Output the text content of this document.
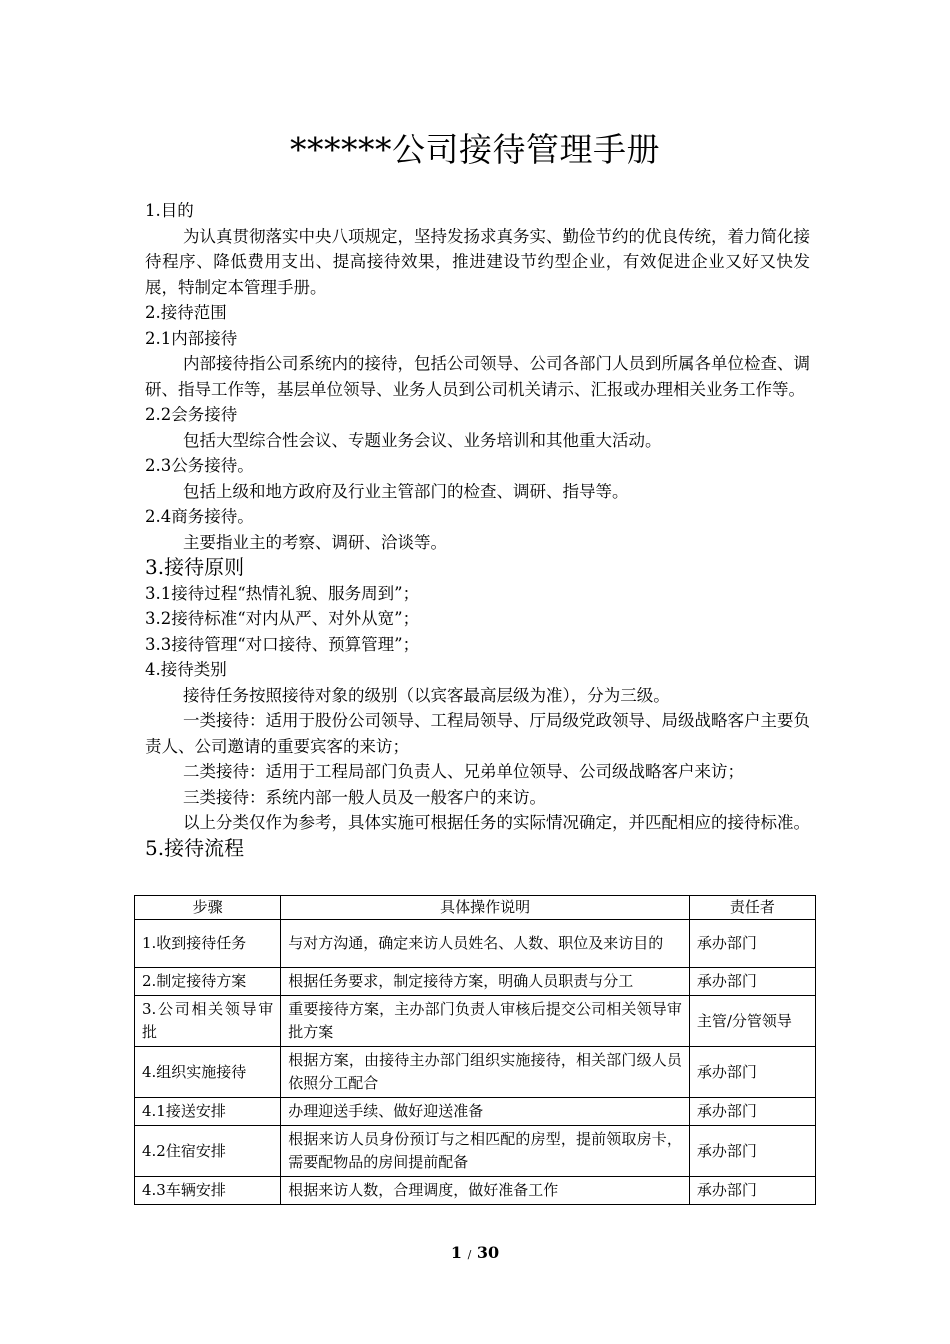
******公司接待管理手册

1.目的

为认真贯彻落实中央八项规定，坚持发扬求真务实、勤俭节约的优良传统，着力简化接待程序、降低费用支出、提高接待效果，推进建设节约型企业，有效促进企业又好又快发展，特制定本管理手册。

2.接待范围

2.1内部接待

内部接待指公司系统内的接待，包括公司领导、公司各部门人员到所属各单位检查、调研、指导工作等，基层单位领导、业务人员到公司机关请示、汇报或办理相关业务工作等。

2.2会务接待

包括大型综合性会议、专题业务会议、业务培训和其他重大活动。

2.3公务接待。

包括上级和地方政府及行业主管部门的检查、调研、指导等。

2.4商务接待。

主要指业主的考察、调研、洽谈等。

3.接待原则

3.1接待过程“热情礼貌、服务周到”；

3.2接待标准“对内从严、对外从宽”；

3.3接待管理“对口接待、预算管理”；

4.接待类别

接待任务按照接待对象的级别（以宾客最高层级为准），分为三级。

一类接待：适用于股份公司领导、工程局领导、厅局级党政领导、局级战略客户主要负责人、公司邀请的重要宾客的来访；

二类接待：适用于工程局部门负责人、兄弟单位领导、公司级战略客户来访；

三类接待：系统内部一般人员及一般客户的来访。

以上分类仅作为参考，具体实施可根据任务的实际情况确定，并匹配相应的接待标准。

5.接待流程

步骤	具体操作说明	责任者
1.收到接待任务	与对方沟通，确定来访人员姓名、人数、职位及来访目的	承办部门
2.制定接待方案	根据任务要求，制定接待方案，明确人员职责与分工	承办部门
3.公司相关领导审批	重要接待方案，主办部门负责人审核后提交公司相关领导审批方案	主管/分管领导
4.组织实施接待	根据方案，由接待主办部门组织实施接待，相关部门级人员依照分工配合	承办部门
4.1接送安排	办理迎送手续、做好迎送准备	承办部门
4.2住宿安排	根据来访人员身份预订与之相匹配的房型，提前领取房卡，需要配物品的房间提前配备	承办部门
4.3车辆安排	根据来访人数，合理调度，做好准备工作	承办部门
1 / 30
